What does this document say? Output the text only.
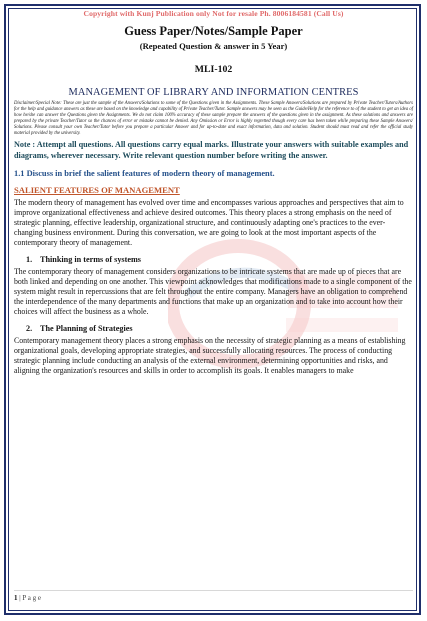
Copyright with Kunj Publication only Not for resale Ph. 8006184581 (Call Us)
Guess Paper/Notes/Sample Paper
(Repeated Question & answer in 5 Year)
MLI-102
MANAGEMENT OF LIBRARY AND INFORMATION CENTRES
Disclaimer/Special Note: These are just the sample of the Answers/Solutions to some of the Questions given in the Assignments. These Sample Answers/Solutions are prepared by Private Teacher/Tutors/Authors for the help and guidance answers as these are based on the knowledge and capability of Private Teacher/Tutor. Sample answers may be seen as the Guide/Help for the reference to of the student to get an idea of how he/she can answer the Questions given the Assignments. We do not claim 100% accuracy of these sample prepare the answers of the questions given in the assignment. As these solutions and answers are prepared by the private Teacher/Tutor so the chances of error or mistake cannot be denied. Any Omission or Error is highly regretted though every care has been taken while preparing these Sample Answers/ Solutions. Please consult your own Teacher/Tutor before you prepare a particular Answer and for up-to-date and exact information, data and solution. Student should must read and refer the official study material provided by the university.
Note : Attempt all questions. All questions carry equal marks. Illustrate your answers with suitable examples and diagrams, wherever necessary. Write relevant question number before writing the answer.
1.1 Discuss in brief the salient features of modern theory of management.
SALIENT FEATURES OF MANAGEMENT

The modern theory of management has evolved over time and encompasses various approaches and perspectives that aim to improve organizational effectiveness and achieve desired outcomes. This theory places a strong emphasis on the need of strategic planning, effective leadership, organizational structure, and continuously adapting one's practices to the ever-changing business environment. During this conversation, we are going to look at the most important aspects of the contemporary theory of management.

1. Thinking in terms of systems

The contemporary theory of management considers organizations to be intricate systems that are made up of pieces that are both linked and depending on one another. This viewpoint acknowledges that modifications made to a single component of the system might result in repercussions that are felt throughout the entire company. Managers have an obligation to comprehend the interdependence of the many departments and functions that make up an organization and to take into account how their choices will affect the business as a whole.

2. The Planning of Strategies

Contemporary management theory places a strong emphasis on the necessity of strategic planning as a means of establishing organizational goals, developing appropriate strategies, and successfully allocating resources. The process of conducting strategic planning include conducting an analysis of the external environment, determining opportunities and risks, and aligning the organization's resources and skills in order to accomplish its goals. It enables managers to make

1 | P a g e
